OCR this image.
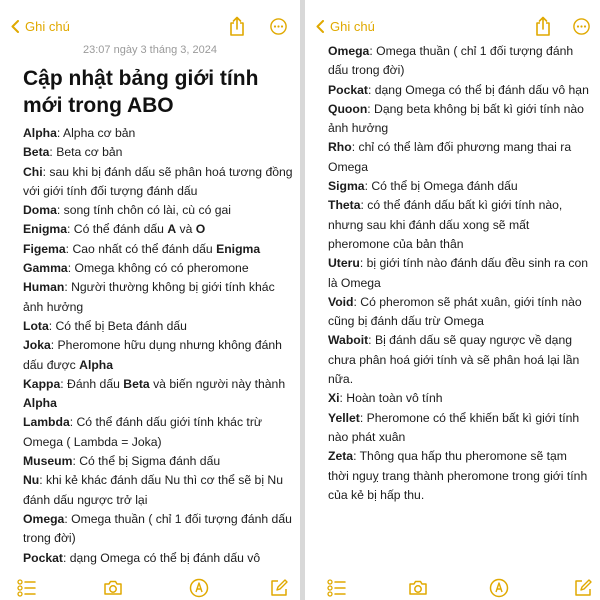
Ghi chú
23:07 ngày 3 tháng 3, 2024
Cập nhật bảng giới tính mới trong ABO

Alpha: Alpha cơ bản

Beta: Beta cơ bản

Chi: sau khi bị đánh dấu sẽ phân hoá tương đồng với giới tính đối tượng đánh dấu

Doma: song tính chôn có lài, cù có gai

Enigma: Có thể đánh dấu A và O

Figema: Cao nhất có thể đánh dấu Enigma

Gamma: Omega không có có pheromone

Human: Người thường không bị giới tính khác ảnh hưởng

Lota: Có thể bị Beta đánh dấu

Joka: Pheromone hữu dụng nhưng không đánh dấu được Alpha

Kappa: Đánh dấu Beta và biến người này thành Alpha

Lambda: Có thể đánh dấu giới tính khác trừ Omega ( Lambda = Joka)

Museum: Có thể bị Sigma đánh dấu

Nu: khi kẻ khác đánh dấu Nu thì cơ thể sẽ bị Nu đánh dấu ngược trở lại

Omega: Omega thuần ( chỉ 1 đối tượng đánh dấu trong đời)

Pockat: dạng Omega có thể bị đánh dấu vô

Ghi chú

Omega: Omega thuần ( chỉ 1 đối tượng đánh dấu trong đời)

Pockat: dạng Omega có thể bị đánh dấu vô hạn

Quoon: Dạng beta không bị bất kì giới tính nào ảnh hưởng

Rho: chỉ có thể làm đối phương mang thai ra Omega

Sigma: Có thể bị Omega đánh dấu

Theta: có thể đánh dấu bất kì giới tính nào, nhưng sau khi đánh dấu xong sẽ mất pheromone của bản thân

Uteru: bị giới tính nào đánh dấu đều sinh ra con là Omega

Void: Có pheromon sẽ phát xuân, giới tính nào cũng bị đánh dấu trừ Omega

Waboit: Bị đánh dấu sẽ quay ngược về dạng chưa phân hoá giới tính và sẽ phân hoá lại lần nữa.

Xi: Hoàn toàn vô tính

Yellet: Pheromone có thể khiến bất kì giới tính nào phát xuân

Zeta: Thông qua hấp thu pheromone sẽ tạm thời nguỵ trang thành pheromone trong giới tính của kẻ bị hấp thu.
